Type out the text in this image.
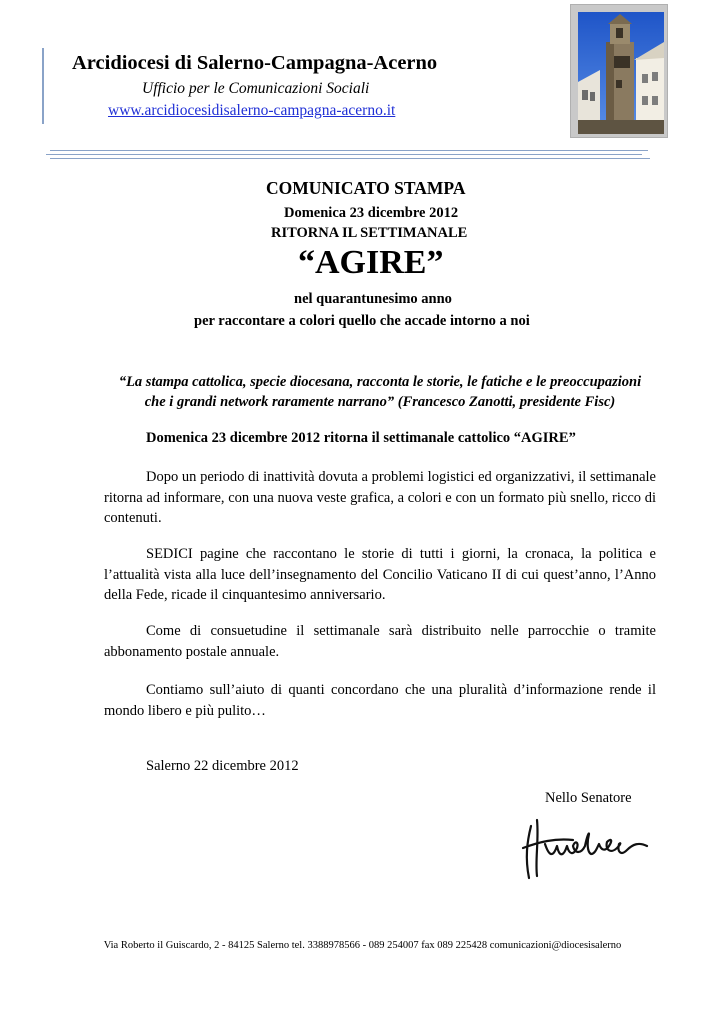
Arcidiocesi di Salerno-Campagna-Acerno
Ufficio per le Comunicazioni Sociali
www.arcidiocesidisalerno-campagna-acerno.it
COMUNICATO STAMPA
Domenica 23 dicembre 2012
RITORNA IL SETTIMANALE
“AGIRE”
nel quarantunesimo anno
per raccontare a colori quello che accade intorno a noi
“La stampa cattolica, specie diocesana, racconta le storie, le fatiche e le preoccupazioni
che i grandi network raramente narrano” (Francesco Zanotti, presidente Fisc)
Domenica 23 dicembre 2012 ritorna il settimanale cattolico “AGIRE”
Dopo un periodo di inattività dovuta a problemi logistici ed organizzativi, il settimanale ritorna ad informare, con una nuova veste grafica, a colori e con un formato più snello, ricco di contenuti.
SEDICI pagine che raccontano le storie di tutti i giorni, la cronaca, la politica e l’attualità vista alla luce dell’insegnamento del Concilio Vaticano II di cui quest’anno, l’Anno della Fede, ricade il cinquantesimo anniversario.
Come di consuetudine il settimanale sarà distribuito nelle parrocchie o tramite abbonamento postale annuale.
Contiamo sull’aiuto di quanti concordano che una pluralità d’informazione rende il mondo libero e più pulito…
Salerno 22 dicembre 2012
Nello Senatore
Via Roberto il Guiscardo, 2 - 84125 Salerno tel. 3388978566 - 089 254007 fax 089 225428 comunicazioni@diocesisalerno
